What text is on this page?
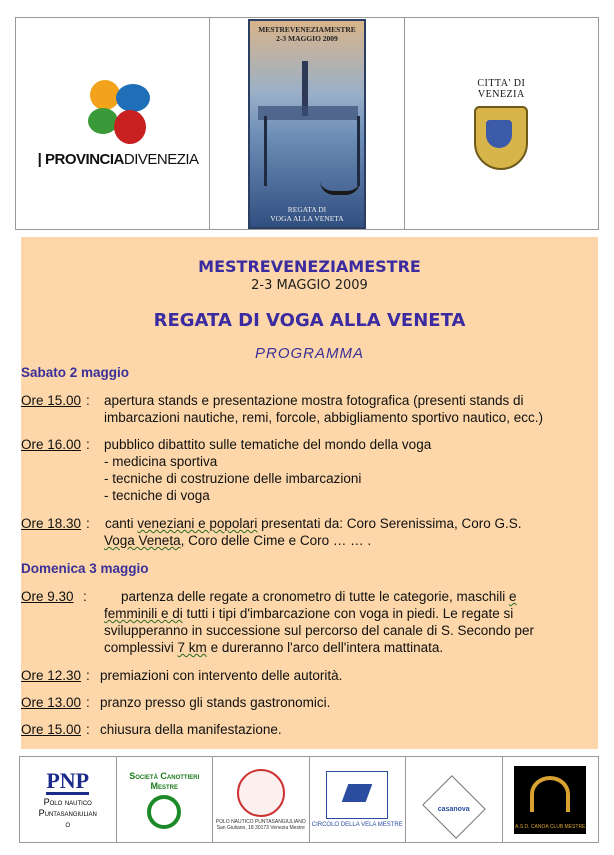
| PROVINCIADIVENEZIA
MESTREVENEZIAMESTRE
2-3 MAGGIO 2009
REGATA DI
VOGA ALLA VENETA
CITTA' DI
VENEZIA
MESTREVENEZIAMESTRE
2-3 MAGGIO 2009
REGATA DI VOGA ALLA VENETA
PROGRAMMA
Sabato 2 maggio
Ore 15.00 : apertura stands e presentazione mostra fotografica (presenti stands di
imbarcazioni nautiche, remi, forcole, abbigliamento sportivo nautico, ecc.)
Ore 16.00 : pubblico dibattito sulle tematiche del mondo della voga
- medicina sportiva
- tecniche di costruzione delle imbarcazioni
- tecniche di voga
Ore 18.30 : canti veneziani e popolari presentati da: Coro Serenissima, Coro G.S.
Voga Veneta, Coro delle Cime e Coro … … .
Domenica 3 maggio
Ore 9.30 :	partenza delle regate a cronometro di tutte le categorie, maschili e
femminili e di tutti i tipi d'imbarcazione con voga in piedi. Le regate si
svilupperanno in successione sul percorso del canale di S. Secondo per
complessivi 7 km e dureranno l'arco dell'intera mattinata.
Ore 12.30 : premiazioni con intervento delle autorità.
Ore 13.00 : pranzo presso gli stands gastronomici.
Ore 15.00 : chiusura della manifestazione.
PNP
Polo nautico
Puntasangiulian
o
Società Canottieri
Mestre
POLO NAUTICO PUNTASANGIULIANO San Giuliano, 18 30173 Venezia Mestre	CIRCOLO DELLA VELA MESTRE
casanova
A.S.D. CANOA CLUB MESTRE
